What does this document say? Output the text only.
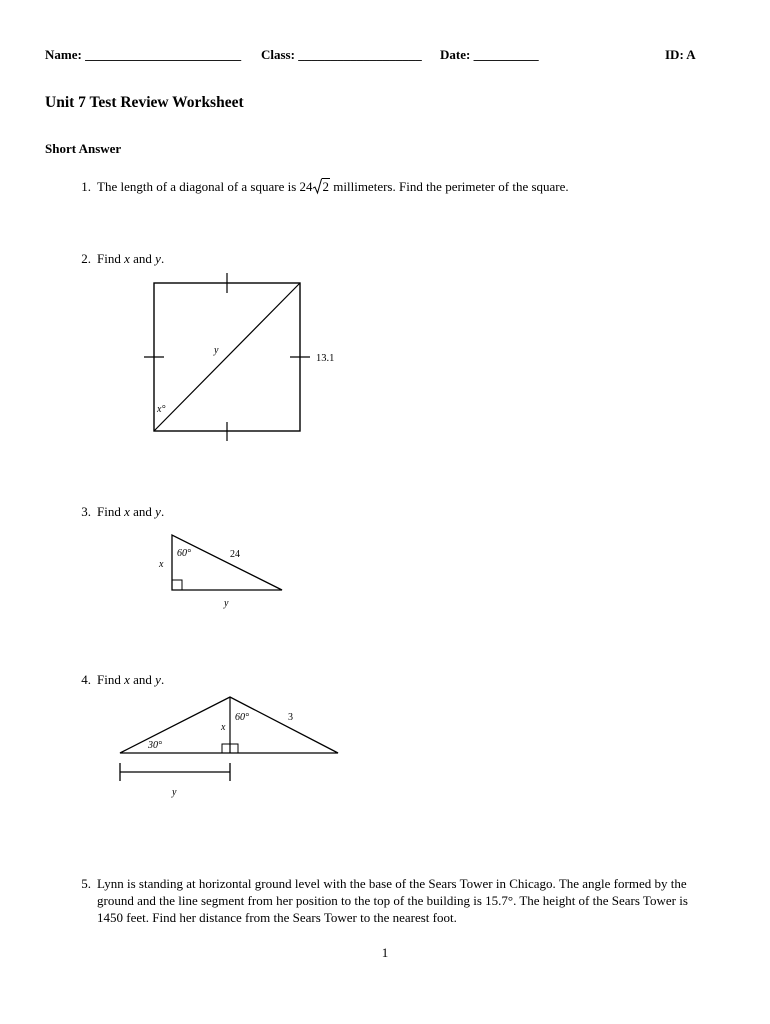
Name: ________________________ Class: ___________________ Date: __________	ID: A
Unit 7 Test Review Worksheet
Short Answer
1. The length of a diagonal of a square is 24 2 millimeters. Find the perimeter of the square.
2. Find x and y.
y
x°
13.1
3. Find x and y.
60°	24
x
y
4. Find x and y.
60°	3
x
30°
y
5. Lynn is standing at horizontal ground level with the base of the Sears Tower in Chicago. The angle formed by the ground and the line segment from her position to the top of the building is 15.7°. The height of the Sears Tower is 1450 feet. Find her distance from the Sears Tower to the nearest foot.
1
